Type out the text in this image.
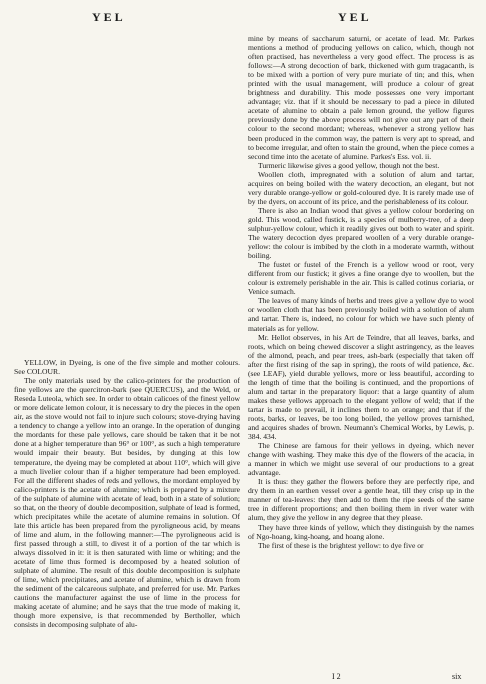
YEL	YEL

YELLOW, in Dyeing, is one of the five simple and mother colours. See COLOUR.

The only materials used by the calico-printers for the production of fine yellows are the quercitron-bark (see QUERCUS), and the Weld, or Reseda Luteola, which see. In order to obtain calicoes of the finest yellow or more delicate lemon colour, it is necessary to dry the pieces in the open air, as the stove would not fail to injure such colours; stove-drying having a tendency to change a yellow into an orange. In the operation of dunging the mordants for these pale yellows, care should be taken that it be not done at a higher temperature than 96° or 100°, as such a high temperature would impair their beauty. But besides, by dunging at this low temperature, the dyeing may be completed at about 110°, which will give a much livelier colour than if a higher temperature had been employed. For all the different shades of reds and yellows, the mordant employed by calico-printers is the acetate of alumine; which is prepared by a mixture of the sulphate of alumine with acetate of lead, both in a state of solution; so that, on the theory of double decomposition, sulphate of lead is formed, which precipitates while the acetate of alumine remains in solution. Of late this article has been prepared from the pyroligneous acid, by means of lime and alum, in the following manner:—The pyroligneous acid is first passed through a still, to divest it of a portion of the tar which is always dissolved in it: it is then saturated with lime or whiting; and the acetate of lime thus formed is decomposed by a heated solution of sulphate of alumine. The result of this double decomposition is sulphate of lime, which precipitates, and acetate of alumine, which is drawn from the sediment of the calcareous sulphate, and preferred for use. Mr. Parkes cautions the manufacturer against the use of lime in the process for making acetate of alumine; and he says that the true mode of making it, though more expensive, is that recommended by Bertholler, which consists in decomposing sulphate of alu-

mine by means of saccharum saturni, or acetate of lead. Mr. Parkes mentions a method of producing yellows on calico, which, though not often practised, has nevertheless a very good effect. The process is as follows:—A strong decoction of bark, thickened with gum tragacanth, is to be mixed with a portion of very pure muriate of tin; and this, when printed with the usual management, will produce a colour of great brightness and durability. This mode possesses one very important advantage; viz. that if it should be necessary to pad a piece in diluted acetate of alumine to obtain a pale lemon ground, the yellow figures previously done by the above process will not give out any part of their colour to the second mordant; whereas, whenever a strong yellow has been produced in the common way, the pattern is very apt to spread, and to become irregular, and often to stain the ground, when the piece comes a second time into the acetate of alumine. Parkes's Ess. vol. ii.

Turmeric likewise gives a good yellow, though not the best.

Woollen cloth, impregnated with a solution of alum and tartar, acquires on being boiled with the watery decoction, an elegant, but not very durable orange-yellow or gold-coloured dye. It is rarely made use of by the dyers, on account of its price, and the perishableness of its colour.

There is also an Indian wood that gives a yellow colour bordering on gold. This wood, called fustick, is a species of mulberry-tree, of a deep sulphur-yellow colour, which it readily gives out both to water and spirit. The watery decoction dyes prepared woollen of a very durable orange-yellow: the colour is imbibed by the cloth in a moderate warmth, without boiling.

The fustet or fustel of the French is a yellow wood or root, very different from our fustick; it gives a fine orange dye to woollen, but the colour is extremely perishable in the air. This is called cotinus coriaria, or Venice sumach.

The leaves of many kinds of herbs and trees give a yellow dye to wool or woollen cloth that has been previously boiled with a solution of alum and tartar. There is, indeed, no colour for which we have such plenty of materials as for yellow.

Mr. Hellot observes, in his Art de Teindre, that all leaves, barks, and roots, which on being chewed discover a slight astringency, as the leaves of the almond, peach, and pear trees, ash-bark (especially that taken off after the first rising of the sap in spring), the roots of wild patience, &c. (see LEAF), yield durable yellows, more or less beautiful, according to the length of time that the boiling is continued, and the proportions of alum and tartar in the preparatory liquor: that a large quantity of alum makes these yellows approach to the elegant yellow of weld; that if the tartar is made to prevail, it inclines them to an orange; and that if the roots, barks, or leaves, be too long boiled, the yellow proves tarnished, and acquires shades of brown. Neumann's Chemical Works, by Lewis, p. 384. 434.

The Chinese are famous for their yellows in dyeing, which never change with washing. They make this dye of the flowers of the acacia, in a manner in which we might use several of our productions to a great advantage.

It is thus: they gather the flowers before they are perfectly ripe, and dry them in an earthen vessel over a gentle heat, till they crisp up in the manner of tea-leaves: they then add to them the ripe seeds of the same tree in different proportions; and then boiling them in river water with alum, they give the yellow in any degree that they please.

They have three kinds of yellow, which they distinguish by the names of Ngo-hoang, king-hoang, and hoang alone.

The first of these is the brightest yellow: to dye five or

I 2	six
